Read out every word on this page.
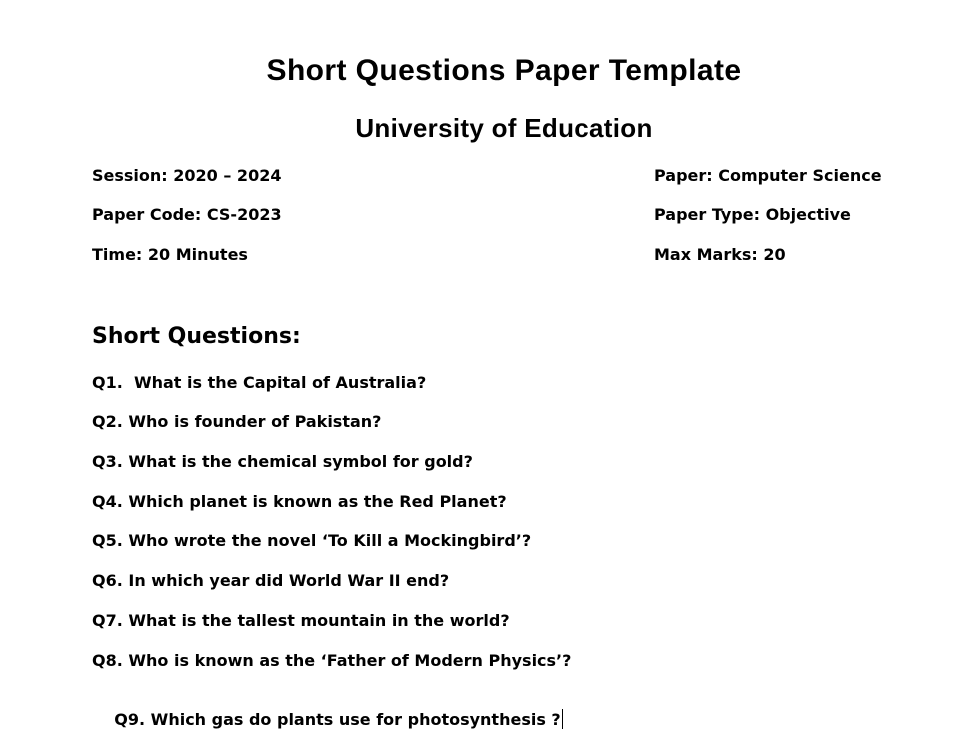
Short Questions Paper Template
University of Education
Session: 2020 – 2024
Paper Code: CS-2023
Time: 20 Minutes
Paper: Computer Science
Paper Type: Objective
Max Marks: 20
Short Questions:
Q1.  What is the Capital of Australia?
Q2. Who is founder of Pakistan?
Q3. What is the chemical symbol for gold?
Q4. Which planet is known as the Red Planet?
Q5. Who wrote the novel ‘To Kill a Mockingbird’?
Q6. In which year did World War II end?
Q7. What is the tallest mountain in the world?
Q8. Who is known as the ‘Father of Modern Physics’?

Q9. Which gas do plants use for photosynthesis ?
